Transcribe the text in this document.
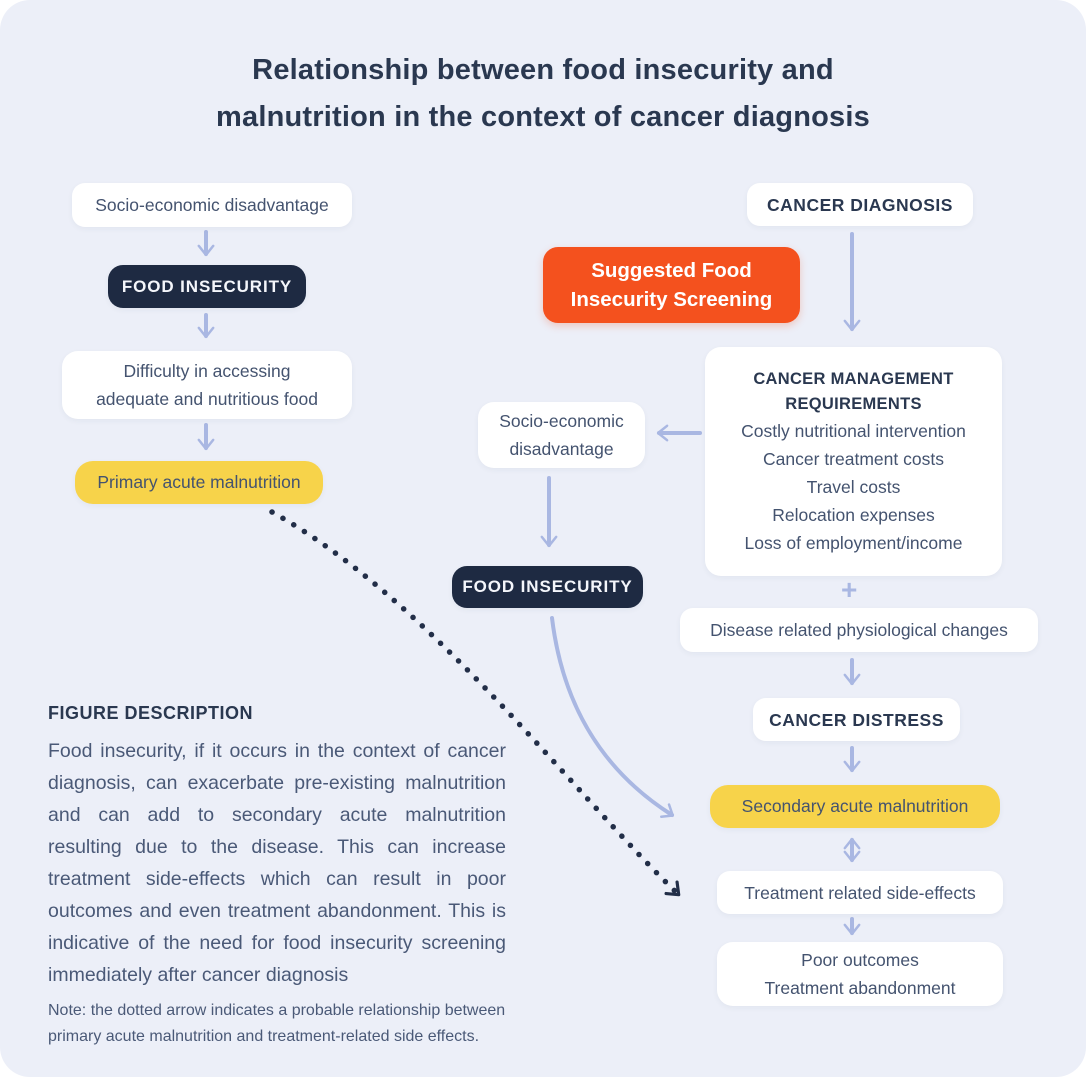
Relationship between food insecurity and
malnutrition in the context of cancer diagnosis
Socio-economic disadvantage
FOOD INSECURITY
Difficulty in accessing
adequate and nutritious food
Primary acute malnutrition
CANCER DIAGNOSIS
Suggested Food
Insecurity Screening
CANCER MANAGEMENT
REQUIREMENTS
Costly nutritional intervention
Cancer treatment costs
Travel costs
Relocation expenses
Loss of employment/income
Socio-economic
disadvantage
FOOD INSECURITY	+
Disease related physiological changes
CANCER DISTRESS
Secondary acute malnutrition
Treatment related side-effects
Poor outcomes
Treatment abandonment
FIGURE DESCRIPTION
Food insecurity, if it occurs in the context of cancer diagnosis, can exacerbate pre-existing malnutrition and can add to secondary acute malnutrition resulting due to the disease. This can increase treatment side-effects which can result in poor outcomes and even treatment abandonment. This is indicative of the need for food insecurity screening immediately after cancer diagnosis
Note: the dotted arrow indicates a probable relationship between primary acute malnutrition and treatment-related side effects.
